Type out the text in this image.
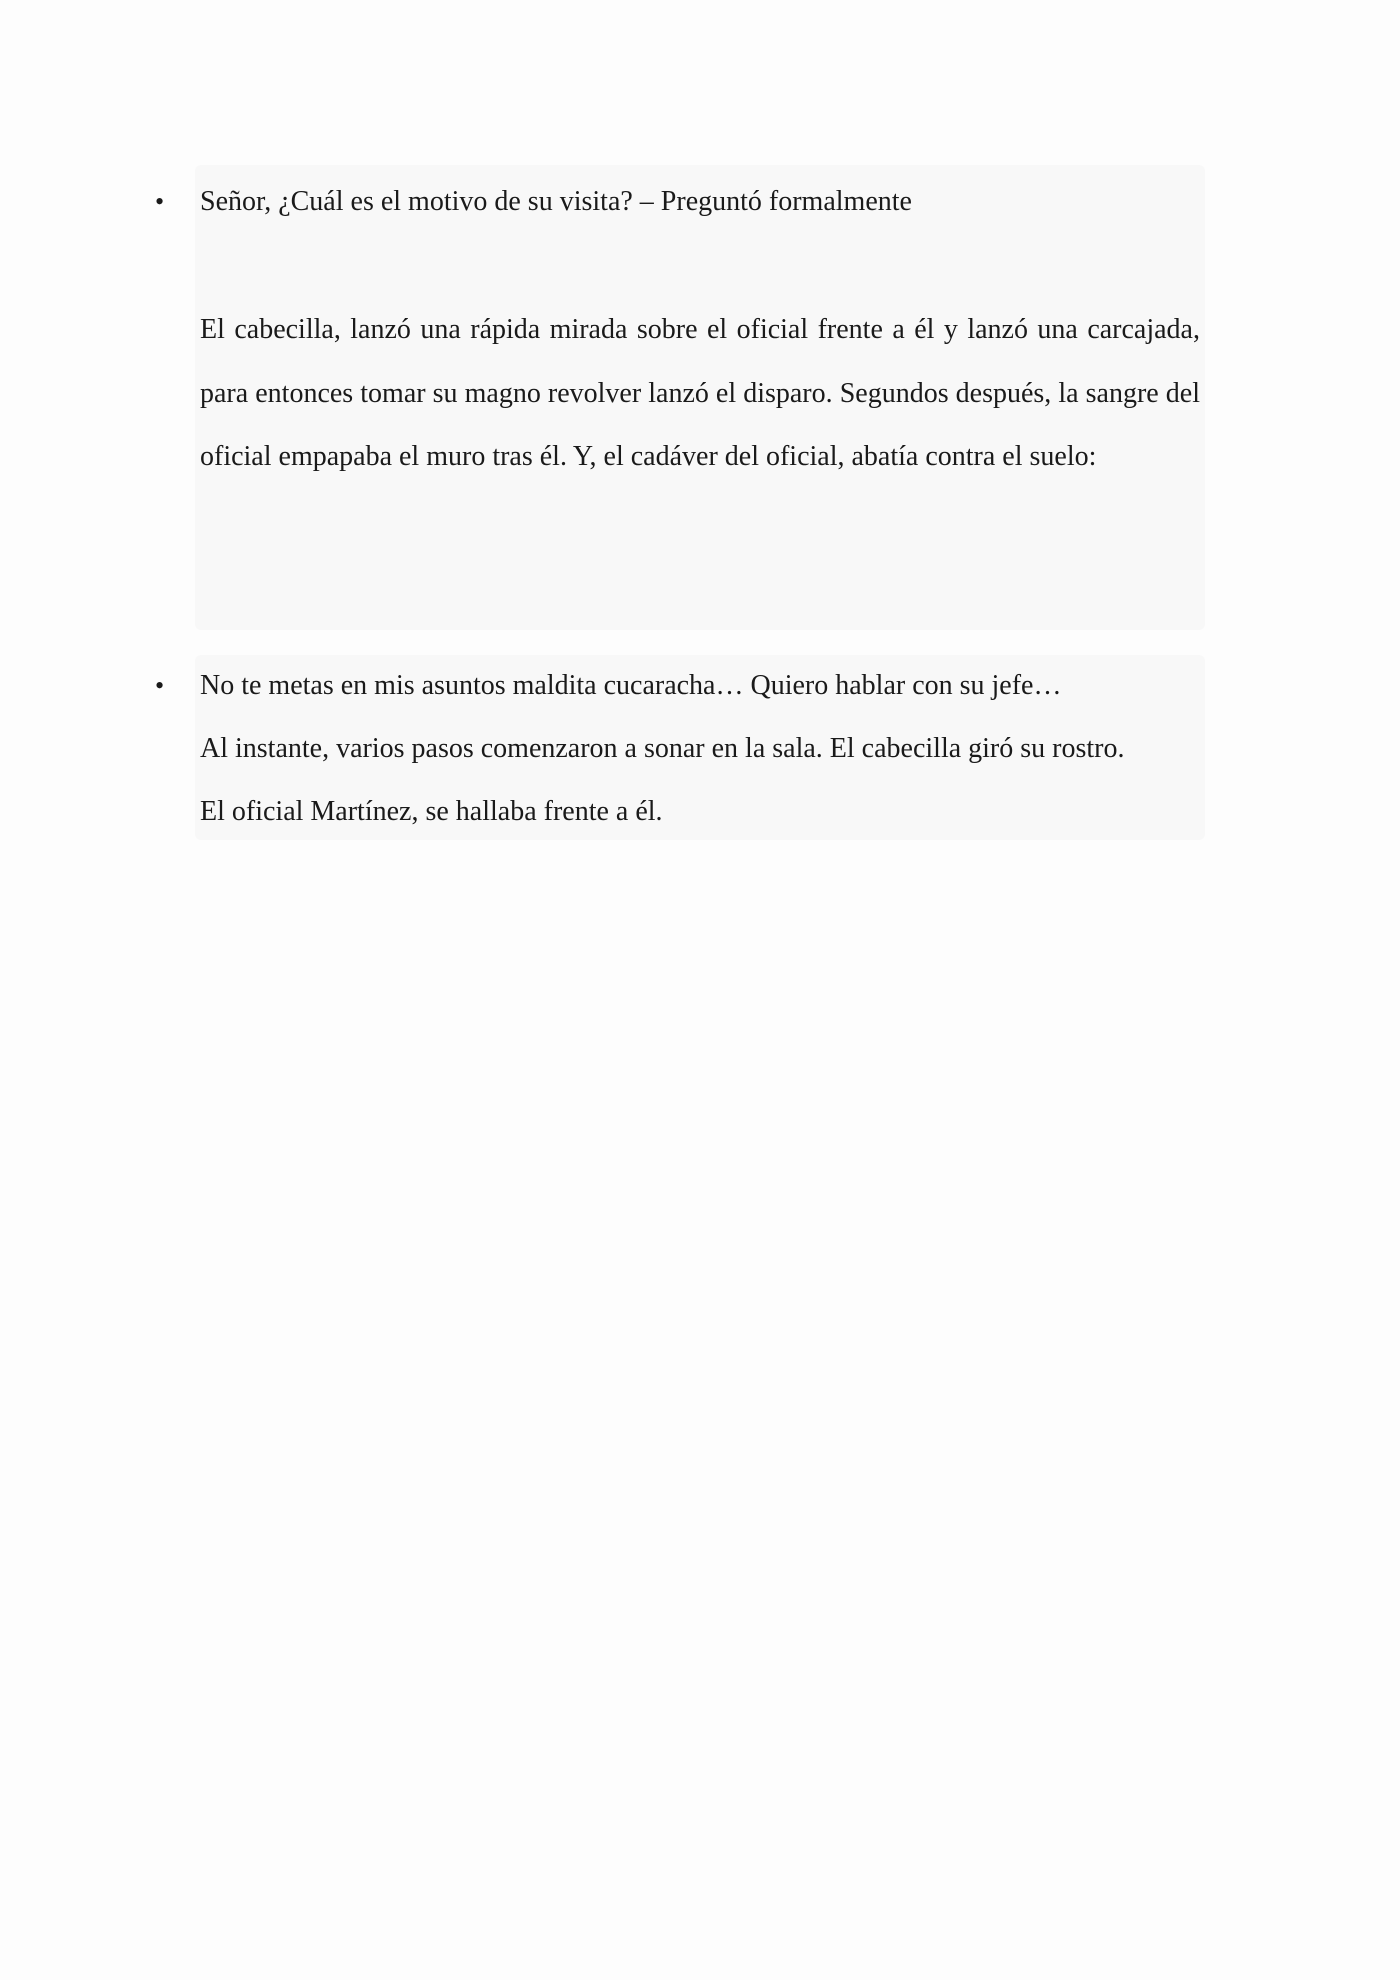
• Señor, ¿Cuál es el motivo de su visita? – Preguntó formalmente
El cabecilla, lanzó una rápida mirada sobre el oficial frente a él y lanzó una carcajada, para entonces tomar su magno revolver lanzó el disparo. Segundos después, la sangre del oficial empapaba el muro tras él. Y, el cadáver del oficial, abatía contra el suelo:
• No te metas en mis asuntos maldita cucaracha… Quiero hablar con su jefe…
Al instante, varios pasos comenzaron a sonar en la sala. El cabecilla giró su rostro.
El oficial Martínez, se hallaba frente a él.
